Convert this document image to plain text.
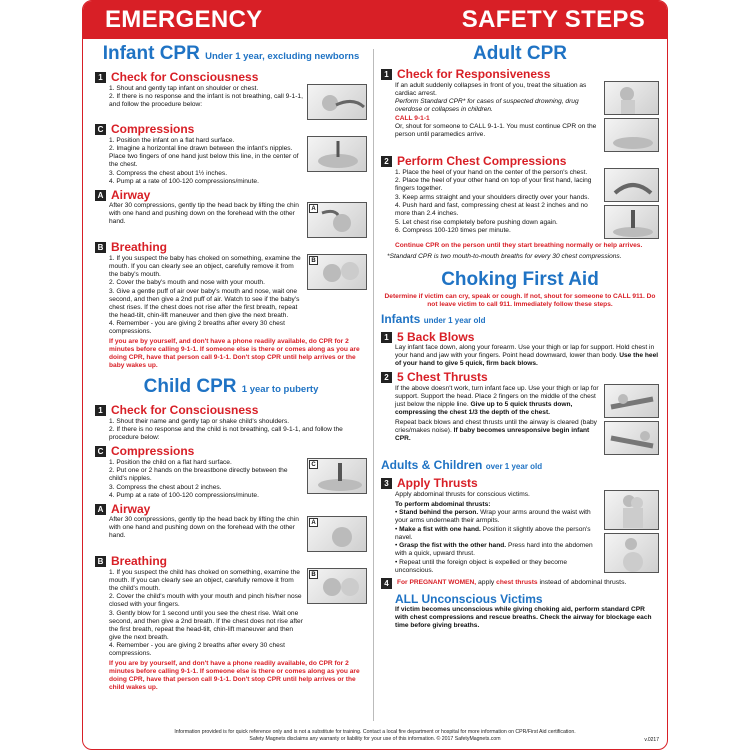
EMERGENCY	SAFETY STEPS
Infant CPR Under 1 year, excluding newborns
1 Check for Consciousness
1. Shout and gently tap infant on shoulder or chest.
2. If there is no response and the infant is not breathing, call 9-1-1, and follow the procedure below:
C Compressions
1. Position the infant on a flat hard surface.
2. Imagine a horizontal line drawn between the infant's nipples. Place two fingers of one hand just below this line, in the center of the chest.
3. Compress the chest about 1½ inches.
4. Pump at a rate of 100-120 compressions/minute.
A Airway
After 30 compressions, gently tip the head back by lifting the chin with one hand and pushing down on the forehead with the other hand.
A
B Breathing
1. If you suspect the baby has choked on something, examine the mouth. If you can clearly see an object, carefully remove it from the baby's mouth.
2. Cover the baby's mouth and nose with your mouth.
3. Give a gentle puff of air over baby's mouth and nose, wait one second, and then give a 2nd puff of air. Watch to see if the baby's chest rises. If the chest does not rise after the first breath, repeat the head-tilt, chin-lift maneuver and then give the next breath.
4. Remember - you are giving 2 breaths after every 30 chest compressions.
B
If you are by yourself, and don't have a phone readily available, do CPR for 2 minutes before calling 9-1-1. If someone else is there or comes along as you are doing CPR, have that person call 9-1-1. Don't stop CPR until help arrives or the baby wakes up.
Child CPR 1 year to puberty
1 Check for Consciousness
1. Shout their name and gently tap or shake child's shoulders.
2. If there is no response and the child is not breathing, call 9-1-1, and follow the procedure below:
C Compressions
1. Position the child on a flat hard surface.
2. Put one or 2 hands on the breastbone directly between the child's nipples.
3. Compress the chest about 2 inches.
4. Pump at a rate of 100-120 compressions/minute.
C
A Airway
After 30 compressions, gently tip the head back by lifting the chin with one hand and pushing down on the forehead with the other hand.
A
B Breathing
1. If you suspect the child has choked on something, examine the mouth. If you can clearly see an object, carefully remove it from the child's mouth.
2. Cover the child's mouth with your mouth and pinch his/her nose closed with your fingers.
3. Gently blow for 1 second until you see the chest rise. Wait one second, and then give a 2nd breath. If the chest does not rise after the first breath, repeat the head-tilt, chin-lift maneuver and then give the next breath.
4. Remember - you are giving 2 breaths after every 30 chest compressions.
B
If you are by yourself, and don't have a phone readily available, do CPR for 2 minutes before calling 9-1-1. If someone else is there or comes along as you are doing CPR, have that person call 9-1-1. Don't stop CPR until help arrives or the child wakes up.
Adult CPR
1 Check for Responsiveness
If an adult suddenly collapses in front of you, treat the situation as cardiac arrest.
Perform Standard CPR* for cases of suspected drowning, drug overdose or collapses in children.
CALL 9-1-1
Or, shout for someone to CALL 9-1-1. You must continue CPR on the person until paramedics arrive.
2 Perform Chest Compressions
1. Place the heel of your hand on the center of the person's chest.
2. Place the heel of your other hand on top of your first hand, lacing fingers together.
3. Keep arms straight and your shoulders directly over your hands.
4. Push hard and fast, compressing chest at least 2 inches and no more than 2.4 inches.
5. Let chest rise completely before pushing down again.
6. Compress 100-120 times per minute.
Continue CPR on the person until they start breathing normally or help arrives.
*Standard CPR is two mouth-to-mouth breaths for every 30 chest compressions.
Choking First Aid
Determine if victim can cry, speak or cough. If not, shout for someone to CALL 911. Do not leave victim to call 911. Immediately follow these steps.
Infants under 1 year old
1 5 Back Blows
Lay infant face down, along your forearm. Use your thigh or lap for support. Hold chest in your hand and jaw with your fingers. Point head downward, lower than body. Use the heel of your hand to give 5 quick, firm back blows.
2 5 Chest Thrusts
If the above doesn't work, turn infant face up. Use your thigh or lap for support. Support the head. Place 2 fingers on the middle of the chest just below the nipple line. Give up to 5 quick thrusts down, compressing the chest 1/3 the depth of the chest.
Repeat back blows and chest thrusts until the airway is cleared (baby cries/makes noise). If baby becomes unresponsive begin infant CPR.
Adults & Children over 1 year old
3 Apply Thrusts
Apply abdominal thrusts for conscious victims.
To perform abdominal thrusts:
• Stand behind the person. Wrap your arms around the waist with your arms underneath their armpits.
• Make a fist with one hand. Position it slightly above the person's navel.
• Grasp the fist with the other hand. Press hard into the abdomen with a quick, upward thrust.
• Repeat until the foreign object is expelled or they become unconscious.
4	For PREGNANT WOMEN, apply chest thrusts instead of abdominal thrusts.
ALL Unconscious Victims
If victim becomes unconscious while giving choking aid, perform standard CPR with chest compressions and rescue breaths. Check the airway for blockage each time before giving breaths.
Information provided is for quick reference only and is not a substitute for training. Contact a local fire department or hospital for more information on CPR/First Aid certification.
Safety Magnets disclaims any warranty or liability for your use of this information. © 2017 SafetyMagnets.com	v.0217
